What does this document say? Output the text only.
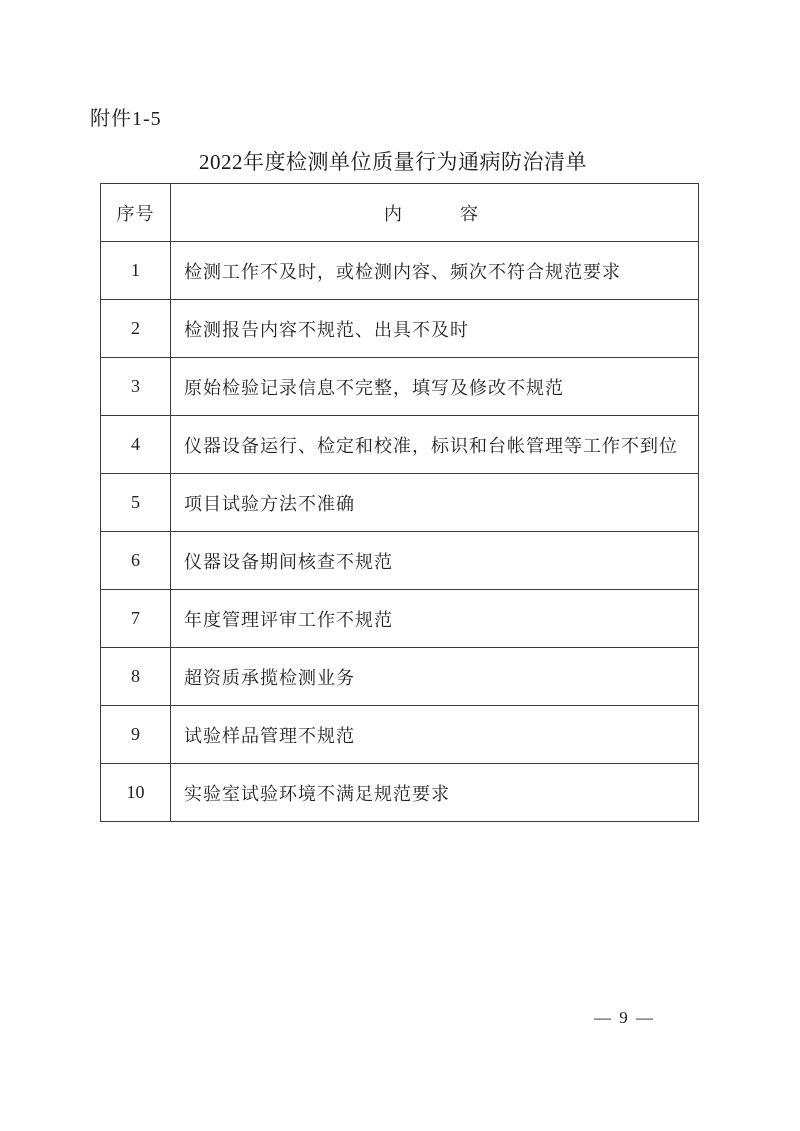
附件1-5
2022年度检测单位质量行为通病防治清单
序号	内　　　容
1	检测工作不及时，或检测内容、频次不符合规范要求
2	检测报告内容不规范、出具不及时
3	原始检验记录信息不完整，填写及修改不规范
4	仪器设备运行、检定和校准，标识和台帐管理等工作不到位
5	项目试验方法不准确
6	仪器设备期间核查不规范
7	年度管理评审工作不规范
8	超资质承揽检测业务
9	试验样品管理不规范
10	实验室试验环境不满足规范要求
— 9 —
